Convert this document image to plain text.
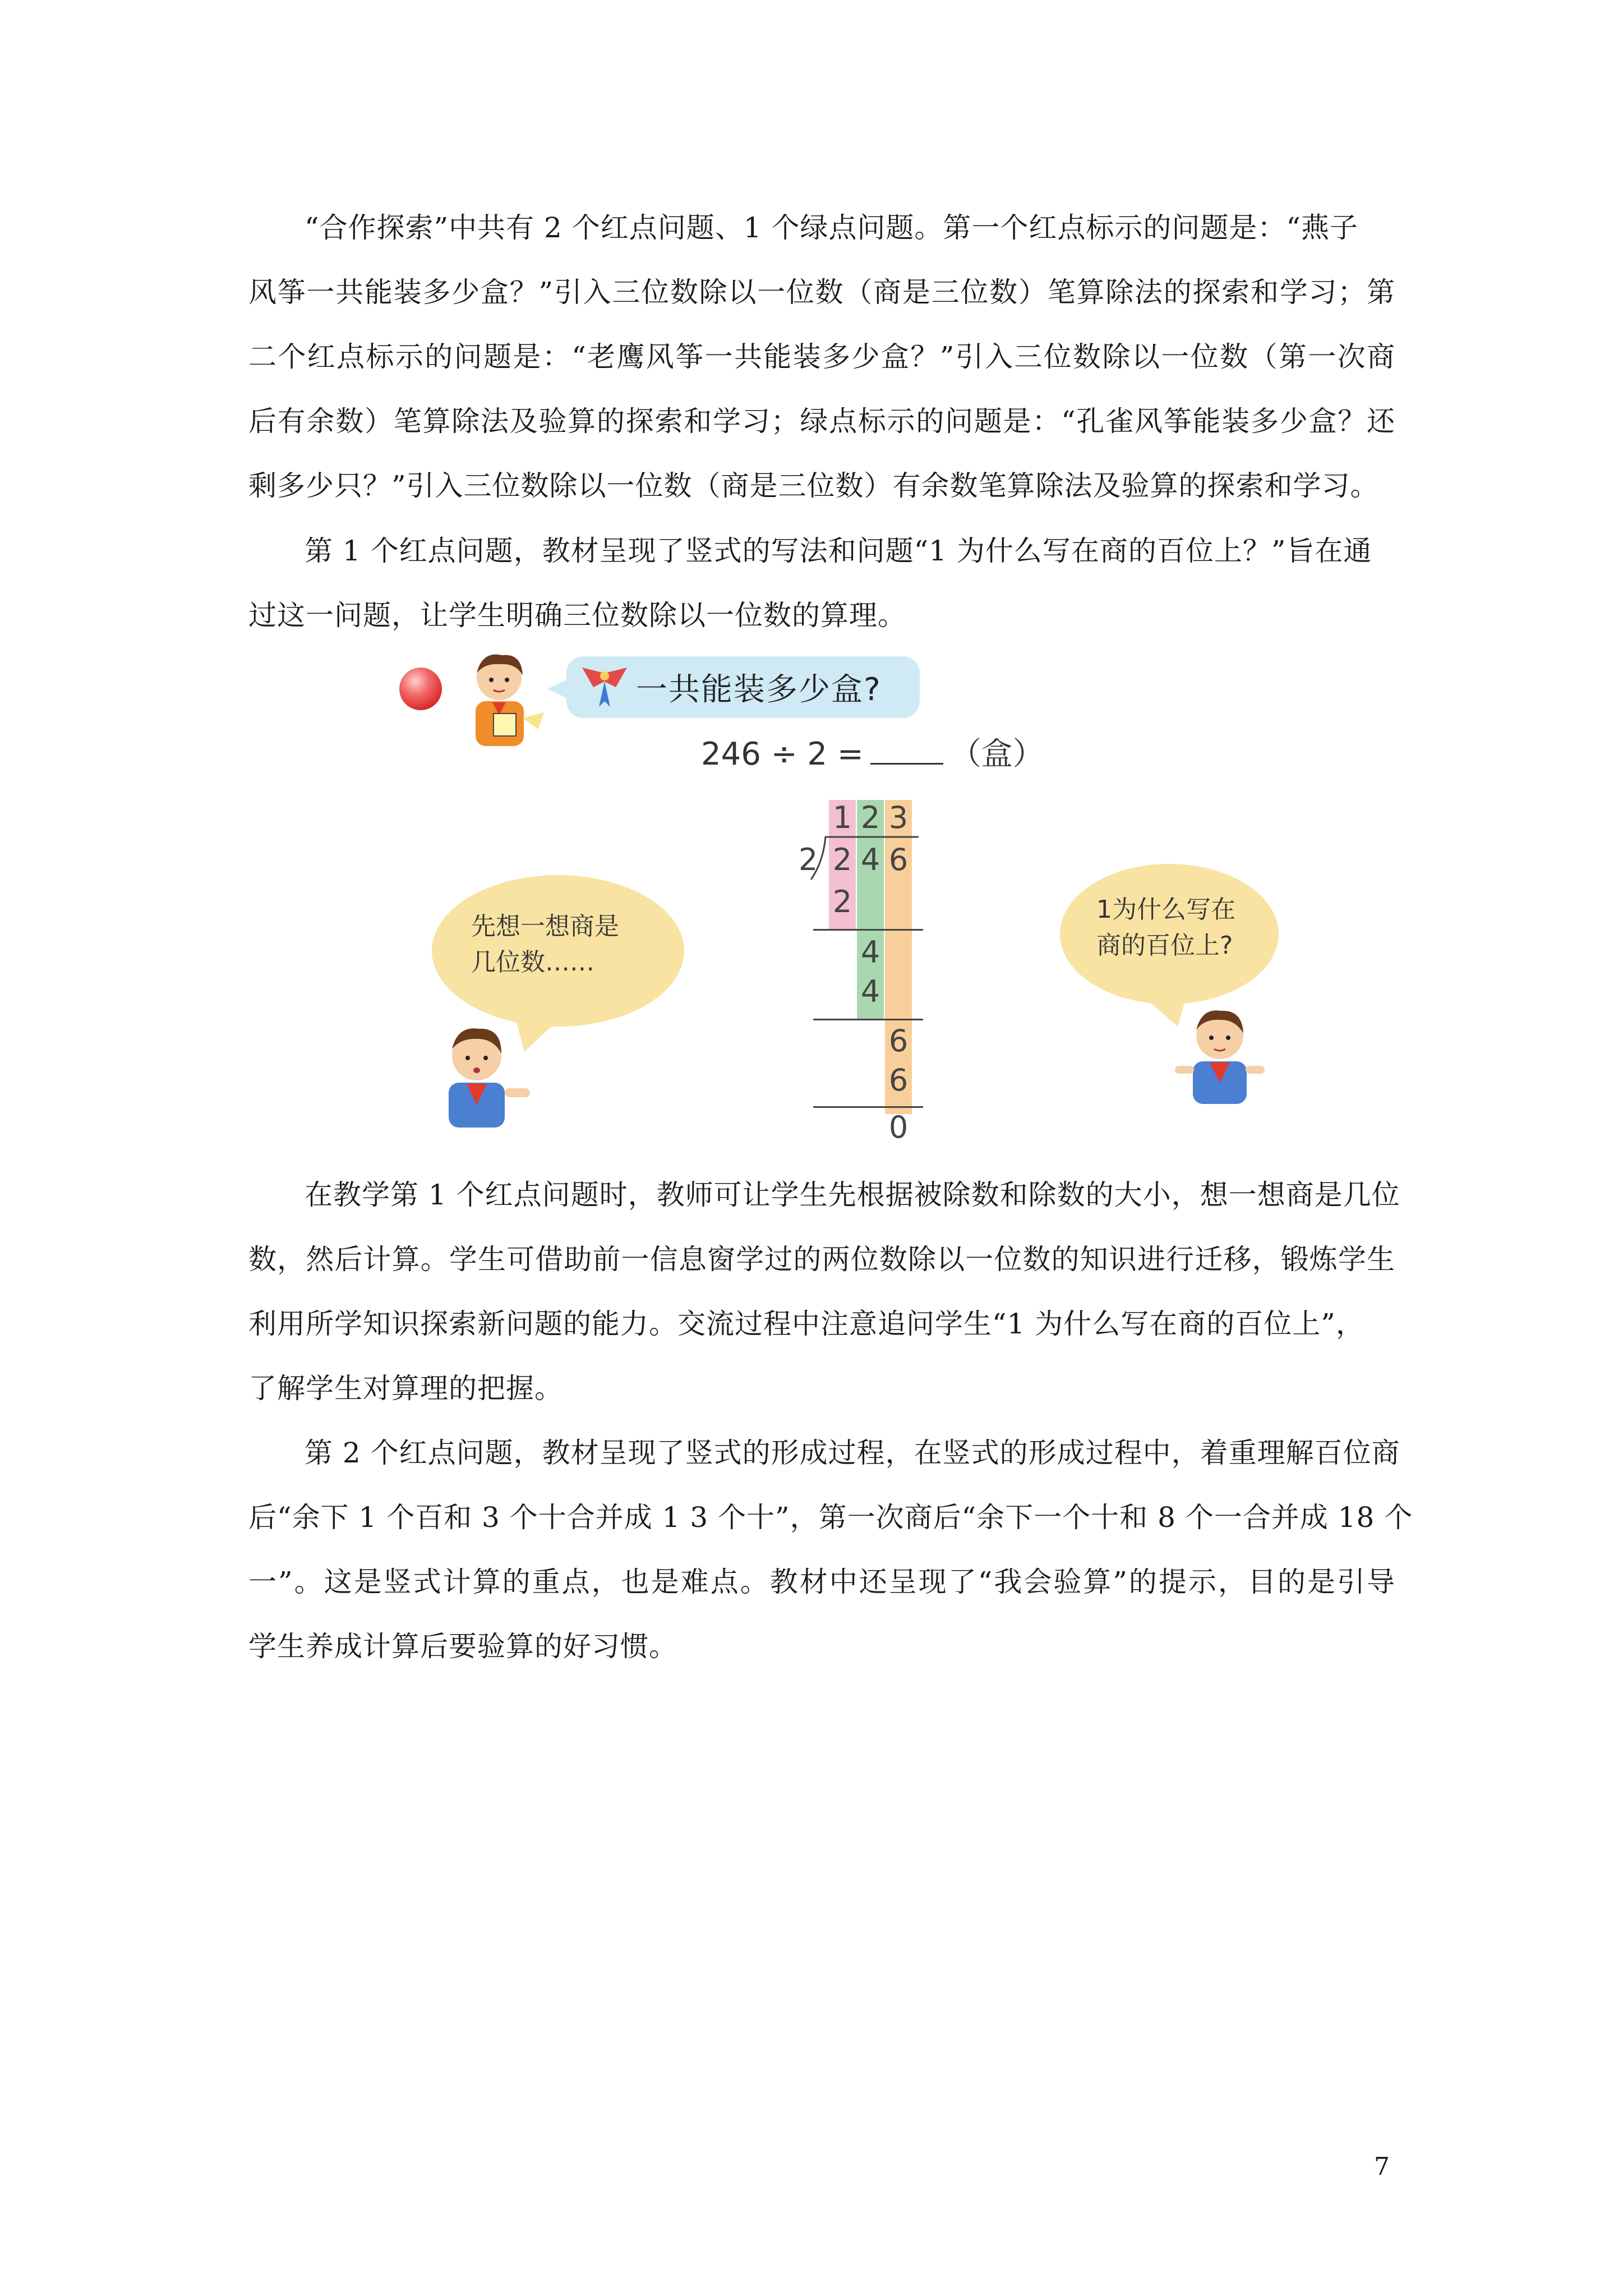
“合作探索”中共有 2 个红点问题、1 个绿点问题。第一个红点标示的问题是：“燕子
风筝一共能装多少盒？”引入三位数除以一位数（商是三位数）笔算除法的探索和学习；第
二个红点标示的问题是：“老鹰风筝一共能装多少盒？”引入三位数除以一位数（第一次商
后有余数）笔算除法及验算的探索和学习；绿点标示的问题是：“孔雀风筝能装多少盒？还
剩多少只？”引入三位数除以一位数（商是三位数）有余数笔算除法及验算的探索和学习。
第 1 个红点问题，教材呈现了竖式的写法和问题“1 为什么写在商的百位上？”旨在通
过这一问题，让学生明确三位数除以一位数的算理。
一共能装多少盒?
246 ÷ 2 =	（盒）
1 2 3
2 2 4 6
2
4
4
6
6
0
先想一想商是
几位数……
1为什么写在
商的百位上?
在教学第 1 个红点问题时，教师可让学生先根据被除数和除数的大小，想一想商是几位
数，然后计算。学生可借助前一信息窗学过的两位数除以一位数的知识进行迁移，锻炼学生
利用所学知识探索新问题的能力。交流过程中注意追问学生“1 为什么写在商的百位上”，
了解学生对算理的把握。
第 2 个红点问题，教材呈现了竖式的形成过程，在竖式的形成过程中，着重理解百位商
后“余下 1 个百和 3 个十合并成 1 3 个十”，第一次商后“余下一个十和 8 个一合并成 18 个
一”。这是竖式计算的重点，也是难点。教材中还呈现了“我会验算”的提示，目的是引导
学生养成计算后要验算的好习惯。
7
